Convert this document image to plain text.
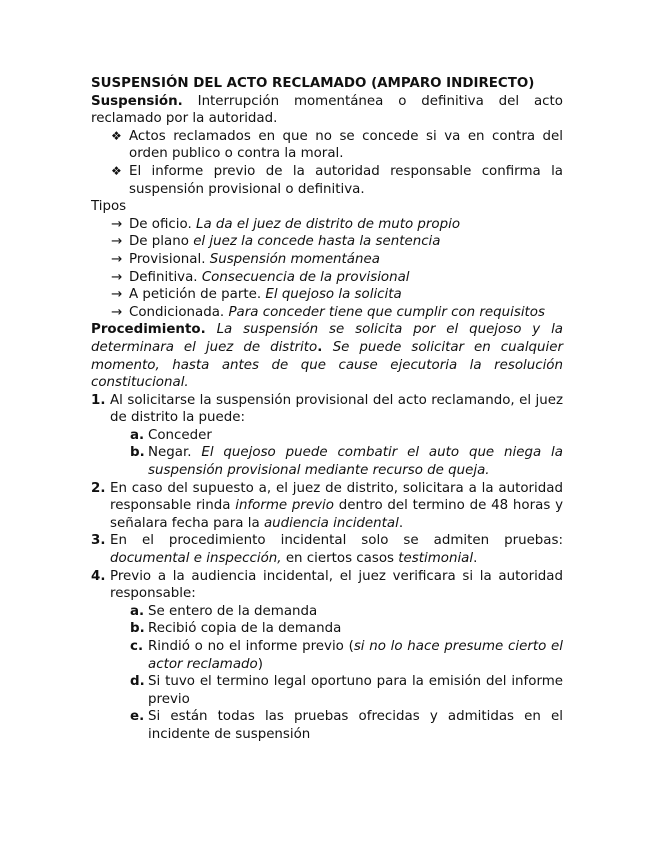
SUSPENSIÓN DEL ACTO RECLAMADO (AMPARO INDIRECTO)
Suspensión. Interrupción momentánea o definitiva del acto reclamado por la autoridad.
❖ Actos reclamados en que no se concede si va en contra del orden publico o contra la moral.
❖ El informe previo de la autoridad responsable confirma la suspensión provisional o definitiva.
Tipos
→ De oficio. La da el juez de distrito de muto propio
→ De plano el juez la concede hasta la sentencia
→ Provisional. Suspensión momentánea
→ Definitiva. Consecuencia de la provisional
→ A petición de parte. El quejoso la solicita
→ Condicionada. Para conceder tiene que cumplir con requisitos
Procedimiento. La suspensión se solicita por el quejoso y la determinara el juez de distrito. Se puede solicitar en cualquier momento, hasta antes de que cause ejecutoria la resolución constitucional.
1. Al solicitarse la suspensión provisional del acto reclamando, el juez de distrito la puede:
a. Conceder
b. Negar. El quejoso puede combatir el auto que niega la suspensión provisional mediante recurso de queja.
2. En caso del supuesto a, el juez de distrito, solicitara a la autoridad responsable rinda informe previo dentro del termino de 48 horas y señalara fecha para la audiencia incidental.
3. En el procedimiento incidental solo se admiten pruebas: documental e inspección, en ciertos casos testimonial.
4. Previo a la audiencia incidental, el juez verificara si la autoridad responsable:
a. Se entero de la demanda
b. Recibió copia de la demanda
c. Rindió o no el informe previo (si no lo hace presume cierto el actor reclamado)
d. Si tuvo el termino legal oportuno para la emisión del informe previo
e. Si están todas las pruebas ofrecidas y admitidas en el incidente de suspensión
